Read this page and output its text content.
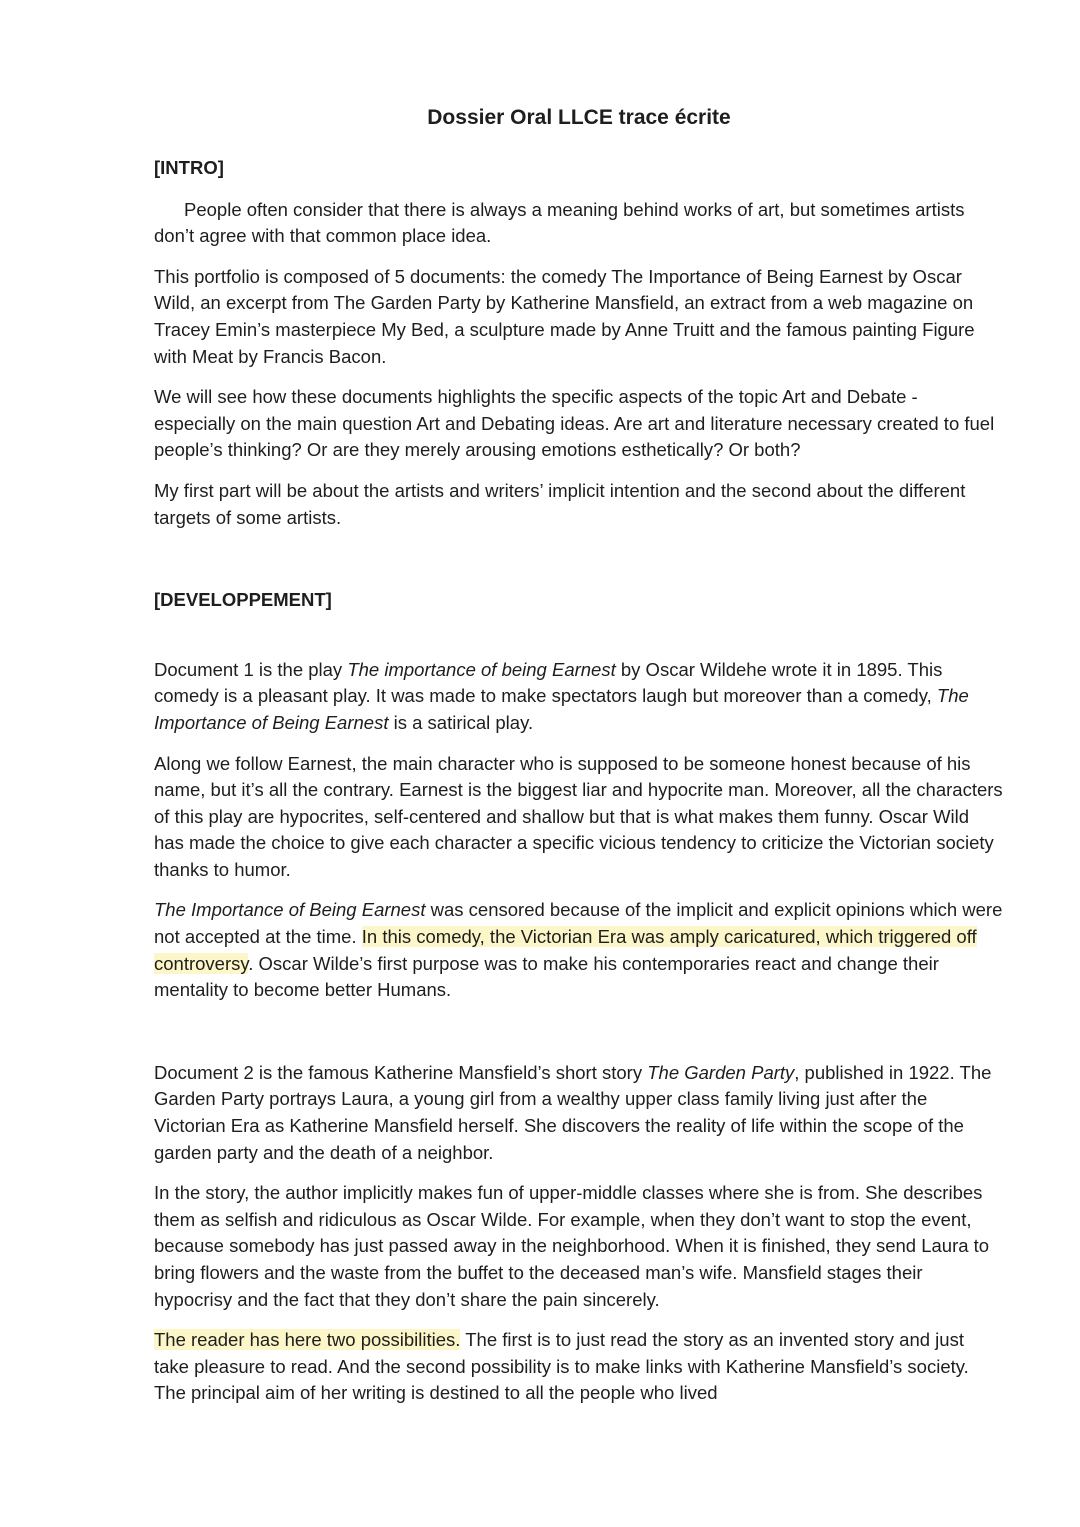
Dossier Oral LLCE trace écrite
[INTRO]

People often consider that there is always a meaning behind works of art, but sometimes artists don’t agree with that common place idea.

This portfolio is composed of 5 documents: the comedy The Importance of Being Earnest by Oscar Wild, an excerpt from The Garden Party by Katherine Mansfield, an extract from a web magazine on Tracey Emin’s masterpiece My Bed, a sculpture made by Anne Truitt and the famous painting Figure with Meat by Francis Bacon.

We will see how these documents highlights the specific aspects of the topic Art and Debate - especially on the main question Art and Debating ideas. Are art and literature necessary created to fuel people’s thinking? Or are they merely arousing emotions esthetically? Or both?

My first part will be about the artists and writers’ implicit intention and the second about the different targets of some artists.

[DEVELOPPEMENT]

Document 1 is the play The importance of being Earnest by Oscar Wildehe wrote it in 1895. This comedy is a pleasant play. It was made to make spectators laugh but moreover than a comedy, The Importance of Being Earnest is a satirical play.

Along we follow Earnest, the main character who is supposed to be someone honest because of his name, but it’s all the contrary. Earnest is the biggest liar and hypocrite man. Moreover, all the characters of this play are hypocrites, self-centered and shallow but that is what makes them funny. Oscar Wild has made the choice to give each character a specific vicious tendency to criticize the Victorian society thanks to humor.

The Importance of Being Earnest was censored because of the implicit and explicit opinions which were not accepted at the time. In this comedy, the Victorian Era was amply caricatured, which triggered off controversy. Oscar Wilde’s first purpose was to make his contemporaries react and change their mentality to become better Humans.

Document 2 is the famous Katherine Mansfield’s short story The Garden Party, published in 1922. The Garden Party portrays Laura, a young girl from a wealthy upper class family living just after the Victorian Era as Katherine Mansfield herself. She discovers the reality of life within the scope of the garden party and the death of a neighbor.

In the story, the author implicitly makes fun of upper-middle classes where she is from. She describes them as selfish and ridiculous as Oscar Wilde. For example, when they don’t want to stop the event, because somebody has just passed away in the neighborhood. When it is finished, they send Laura to bring flowers and the waste from the buffet to the deceased man’s wife. Mansfield stages their hypocrisy and the fact that they don’t share the pain sincerely.

The reader has here two possibilities. The first is to just read the story as an invented story and just take pleasure to read. And the second possibility is to make links with Katherine Mansfield’s society. The principal aim of her writing is destined to all the people who lived
